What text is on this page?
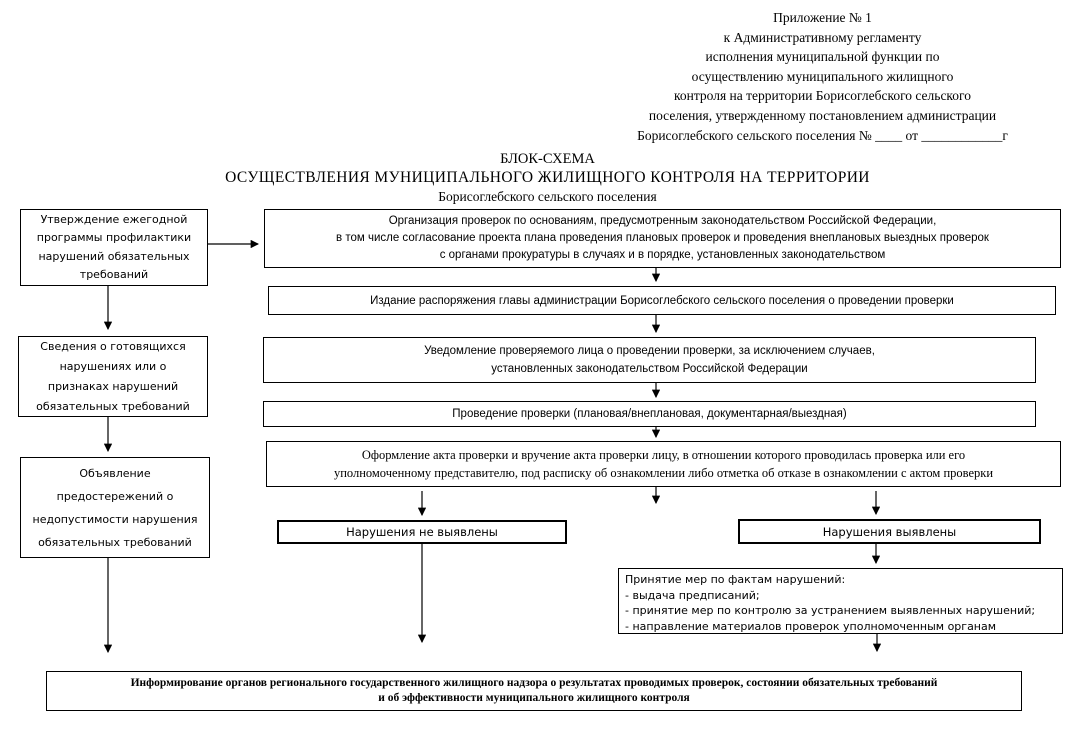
Приложение № 1
к Административному регламенту
исполнения муниципальной функции по
осуществлению муниципального жилищного
контроля на территории Борисоглебского сельского
поселения, утвержденному постановлением администрации
Борисоглебского сельского поселения № ____ от ____________г
БЛОК-СХЕМА
ОСУЩЕСТВЛЕНИЯ МУНИЦИПАЛЬНОГО ЖИЛИЩНОГО КОНТРОЛЯ НА ТЕРРИТОРИИ
Борисоглебского сельского поселения
Утверждение ежегодной
программы профилактики
нарушений обязательных
требований
Сведения о готовящихся
нарушениях или о
признаках нарушений
обязательных требований
Объявление
предостережений о
недопустимости нарушения
обязательных требований
Организация проверок по основаниям, предусмотренным законодательством Российской Федерации,
в том числе согласование проекта плана проведения плановых проверок и проведения внеплановых выездных проверок
с органами прокуратуры в случаях и в порядке, установленных законодательством
Издание распоряжения главы администрации Борисоглебского сельского поселения о проведении проверки
Уведомление проверяемого лица о проведении проверки, за исключением случаев,
установленных законодательством Российской Федерации
Проведение проверки (плановая/внеплановая, документарная/выездная)
Оформление акта проверки и вручение акта проверки лицу, в отношении которого проводилась проверка или его
уполномоченному представителю, под расписку об ознакомлении либо отметка об отказе в ознакомлении с актом проверки
Нарушения не выявлены	Нарушения выявлены
Принятие мер по фактам нарушений:
- выдача предписаний;
- принятие мер по контролю за устранением выявленных нарушений;
- направление материалов проверок уполномоченным органам
Информирование органов регионального государственного жилищного надзора о результатах проводимых проверок, состоянии обязательных требований
и об эффективности муниципального жилищного контроля
